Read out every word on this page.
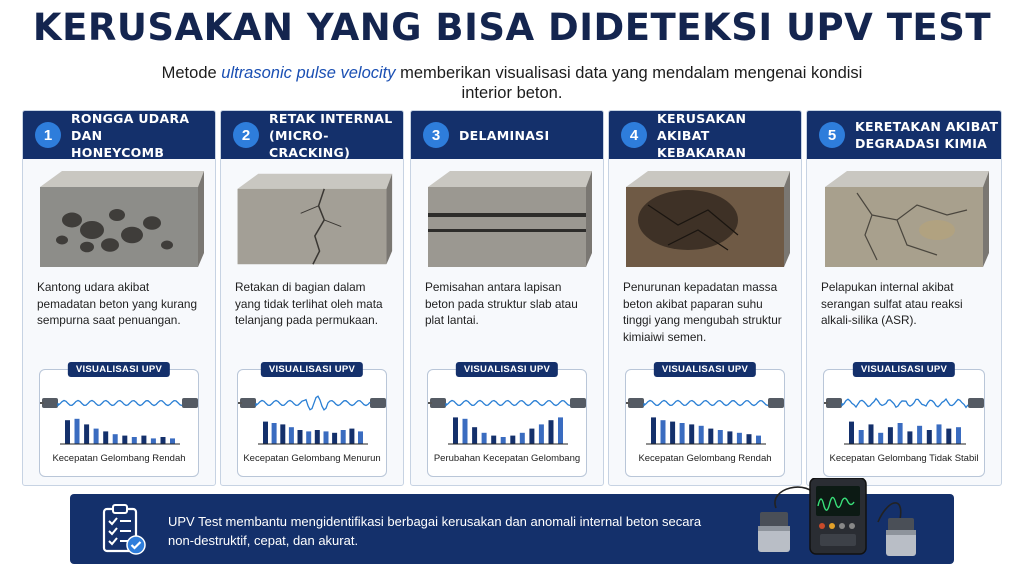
KERUSAKAN YANG BISA DIDETEKSI UPV TEST
Metode ultrasonic pulse velocity memberikan visualisasi data yang mendalam mengenai kondisi interior beton.
1
RONGGA UDARA DAN
HONEYCOMB
Kantong udara akibat pemadatan beton yang kurang sempurna saat penuangan.
VISUALISASI UPV
Kecepatan Gelombang Rendah
2
RETAK INTERNAL
(MICRO-CRACKING)
Retakan di bagian dalam yang tidak terlihat oleh mata telanjang pada permukaan.
VISUALISASI UPV
Kecepatan Gelombang Menurun
3	DELAMINASI
Pemisahan antara lapisan beton pada struktur slab atau plat lantai.
VISUALISASI UPV
Perubahan Kecepatan Gelombang
4
KERUSAKAN AKIBAT
KEBAKARAN
Penurunan kepadatan massa beton akibat paparan suhu tinggi yang mengubah struktur kimiaiwi semen.
VISUALISASI UPV
Kecepatan Gelombang Rendah
5	KERETAKAN AKIBAT
DEGRADASI KIMIA
Pelapukan internal akibat serangan sulfat atau reaksi alkali-silika (ASR).
VISUALISASI UPV
Kecepatan Gelombang Tidak Stabil
UPV Test membantu mengidentifikasi berbagai kerusakan dan anomali internal beton secara non-destruktif, cepat, dan akurat.
